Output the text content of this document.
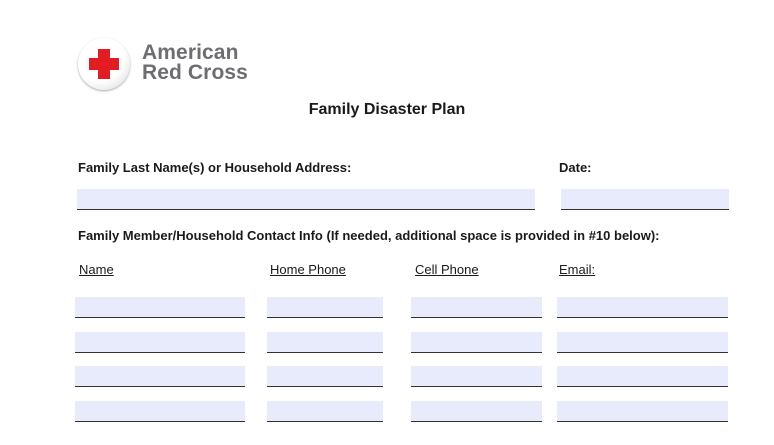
American
Red Cross
Family Disaster Plan
Family Last Name(s) or Household Address:	Date:
Family Member/Household Contact Info (If needed, additional space is provided in #10 below):
Name	Home Phone	Cell Phone	Email:
